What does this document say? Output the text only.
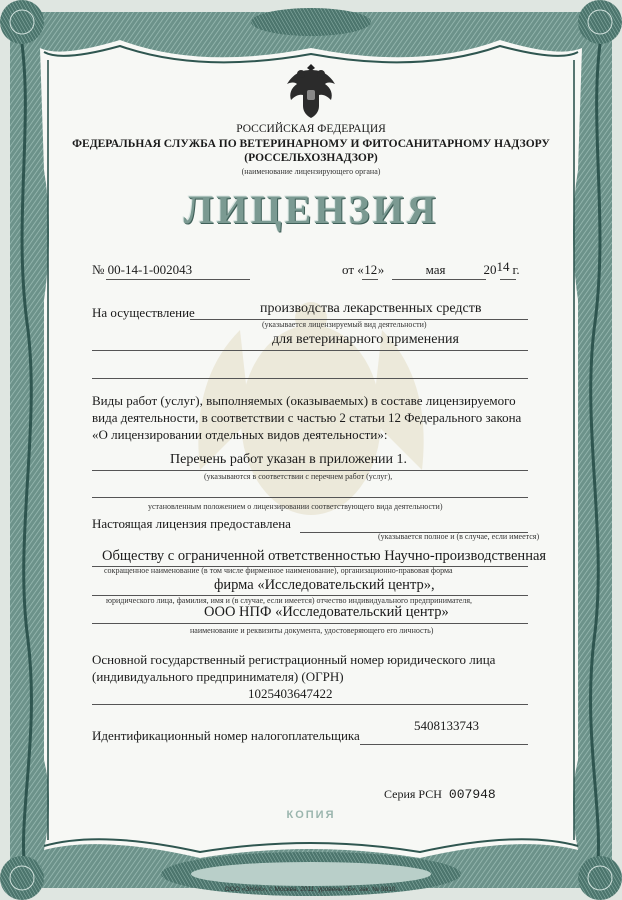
РОССИЙСКАЯ ФЕДЕРАЦИЯ
ФЕДЕРАЛЬНАЯ СЛУЖБА ПО ВЕТЕРИНАРНОМУ И ФИТОСАНИТАРНОМУ НАДЗОРУ
(РОССЕЛЬХОЗНАДЗОР)
(наименование лицензирующего органа)
ЛИЦЕНЗИЯ
№ 00-14-1-002043	от «12»	мая	2014 г.
На осуществление	производства лекарственных средств
(указывается лицензируемый вид деятельности)
для ветеринарного применения
Виды работ (услуг), выполняемых (оказываемых) в составе лицензируемого
вида деятельности, в соответствии с частью 2 статьи 12 Федерального закона
«О лицензировании отдельных видов деятельности»:
Перечень работ указан в приложении 1.
(указываются в соответствии с перечнем работ (услуг),
установленным положением о лицензировании соответствующего вида деятельности)
Настоящая лицензия предоставлена
(указывается полное и (в случае, если имеется)
Обществу с ограниченной ответственностью Научно-производственная
сокращенное наименование (в том числе фирменное наименование), организационно-правовая форма
фирма «Исследовательский центр»,
юридического лица, фамилия, имя и (в случае, если имеется) отчество индивидуального предпринимателя,
ООО НПФ «Исследовательский центр»
наименование и реквизиты документа, удостоверяющего его личность)
Основной государственный регистрационный номер юридического лица
(индивидуального предпринимателя) (ОГРН)
1025403647422
Идентификационный номер налогоплательщика
5408133743
Серия РСН 007948
КОПИЯ
ООО «ЗНАК», г. Москва, 2011, уровень «Б», зак. № 9810.
